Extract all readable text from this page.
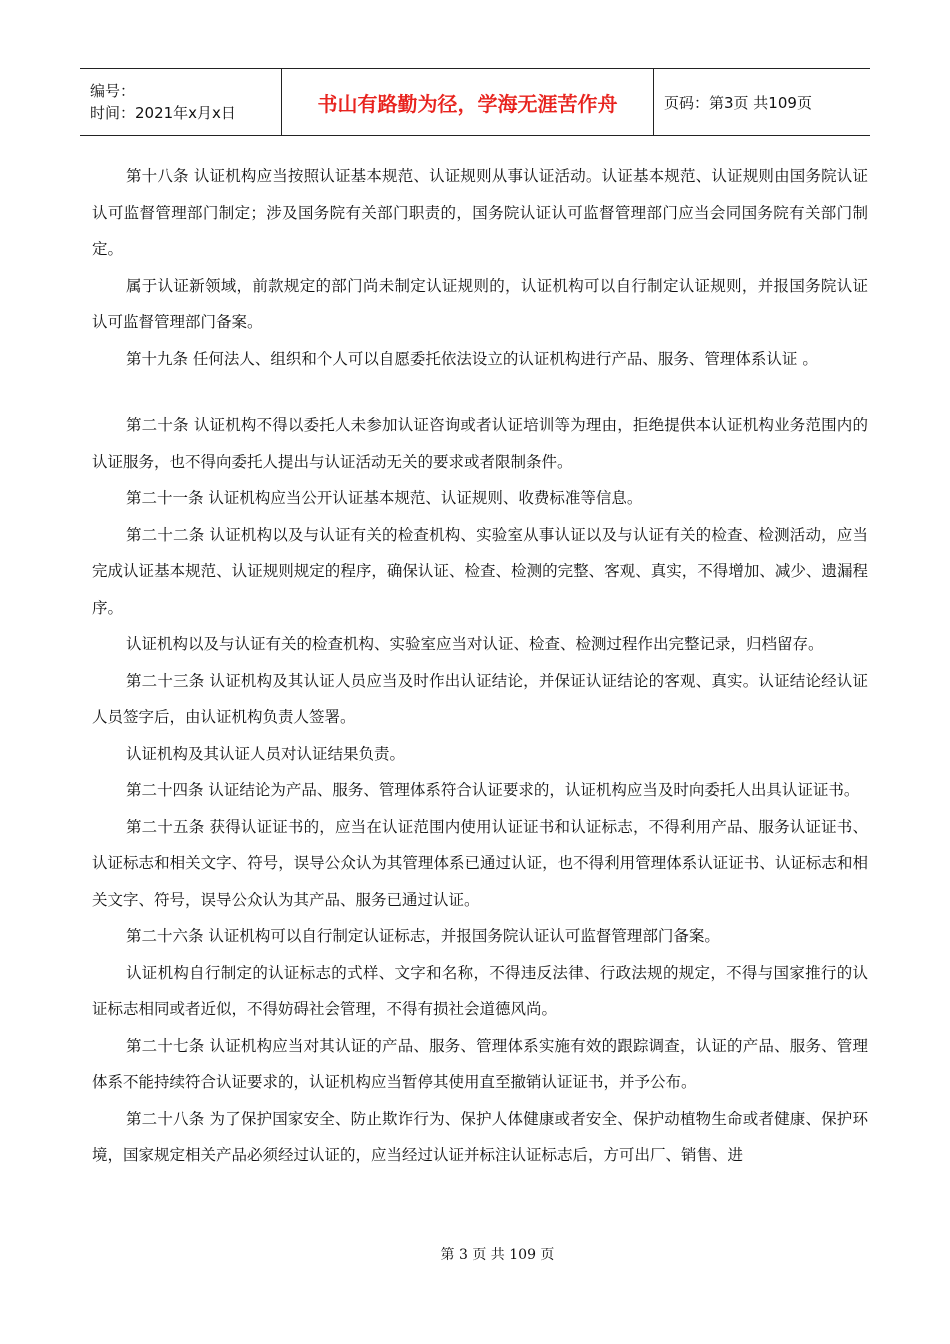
编号：
时间：2021年x月x日	书山有路勤为径，学海无涯苦作舟	页码：第3页 共109页

第十八条 认证机构应当按照认证基本规范、认证规则从事认证活动。认证基本规范、认证规则由国务院认证认可监督管理部门制定；涉及国务院有关部门职责的，国务院认证认可监督管理部门应当会同国务院有关部门制定。

属于认证新领域，前款规定的部门尚未制定认证规则的，认证机构可以自行制定认证规则，并报国务院认证认可监督管理部门备案。

第十九条 任何法人、组织和个人可以自愿委托依法设立的认证机构进行产品、服务、管理体系认证 。

第二十条 认证机构不得以委托人未参加认证咨询或者认证培训等为理由，拒绝提供本认证机构业务范围内的认证服务，也不得向委托人提出与认证活动无关的要求或者限制条件。

第二十一条 认证机构应当公开认证基本规范、认证规则、收费标准等信息。

第二十二条 认证机构以及与认证有关的检查机构、实验室从事认证以及与认证有关的检查、检测活动，应当完成认证基本规范、认证规则规定的程序，确保认证、检查、检测的完整、客观、真实，不得增加、减少、遗漏程序。

认证机构以及与认证有关的检查机构、实验室应当对认证、检查、检测过程作出完整记录，归档留存。

第二十三条 认证机构及其认证人员应当及时作出认证结论，并保证认证结论的客观、真实。认证结论经认证人员签字后，由认证机构负责人签署。

认证机构及其认证人员对认证结果负责。

第二十四条 认证结论为产品、服务、管理体系符合认证要求的，认证机构应当及时向委托人出具认证证书。

第二十五条 获得认证证书的，应当在认证范围内使用认证证书和认证标志，不得利用产品、服务认证证书、认证标志和相关文字、符号，误导公众认为其管理体系已通过认证，也不得利用管理体系认证证书、认证标志和相关文字、符号，误导公众认为其产品、服务已通过认证。

第二十六条 认证机构可以自行制定认证标志，并报国务院认证认可监督管理部门备案。

认证机构自行制定的认证标志的式样、文字和名称，不得违反法律、行政法规的规定，不得与国家推行的认证标志相同或者近似，不得妨碍社会管理，不得有损社会道德风尚。

第二十七条 认证机构应当对其认证的产品、服务、管理体系实施有效的跟踪调查，认证的产品、服务、管理体系不能持续符合认证要求的，认证机构应当暂停其使用直至撤销认证证书，并予公布。

第二十八条 为了保护国家安全、防止欺诈行为、保护人体健康或者安全、保护动植物生命或者健康、保护环境，国家规定相关产品必须经过认证的，应当经过认证并标注认证标志后，方可出厂、销售、进

第 3 页 共 109 页
